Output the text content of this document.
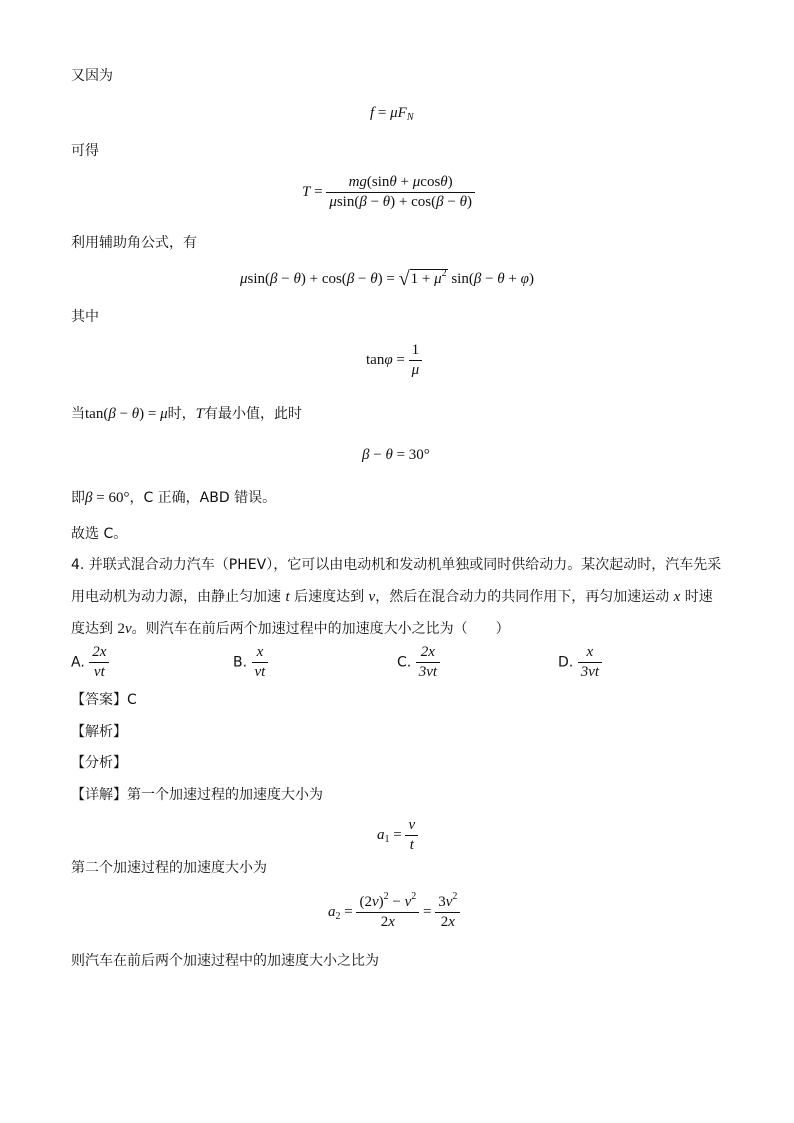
又因为
$f = \mu F_N$
可得
$T = \frac{mg(\sin\theta + \mu\cos\theta)}{\mu\sin(\beta - \theta) + \cos(\beta - \theta)}$
利用辅助角公式，有
$\mu\sin(\beta - \theta) + \cos(\beta - \theta) = √1 + \mu^2$ sin(β − θ + φ)
其中
$\tan\varphi = \frac{1}{\mu}$
当tan(β − θ) = μ时，T有最小值，此时
β − θ = 30°
即β = 60°，C 正确，ABD 错误。
故选 C。
4. 并联式混合动力汽车（PHEV），它可以由电动机和发动机单独或同时供给动力。某次起动时，汽车先采
用电动机为动力源，由静止匀加速 t 后速度达到 v，然后在混合动力的共同作用下，再匀加速运动 x 时速
度达到 2v。则汽车在前后两个加速过程中的加速度大小之比为（　　）
A. $\frac{2x}{vt}$	B. $\frac{x}{vt}$	C. $\frac{2x}{3vt}$	D. $\frac{x}{3vt}$
【答案】C
【解析】
【分析】
【详解】第一个加速过程的加速度大小为
$a_1 = \frac{v}{t}$
第二个加速过程的加速度大小为
$a_2 = \frac{(2v)^2 - v^2}{2x} = \frac{3v^2}{2x}$
则汽车在前后两个加速过程中的加速度大小之比为
